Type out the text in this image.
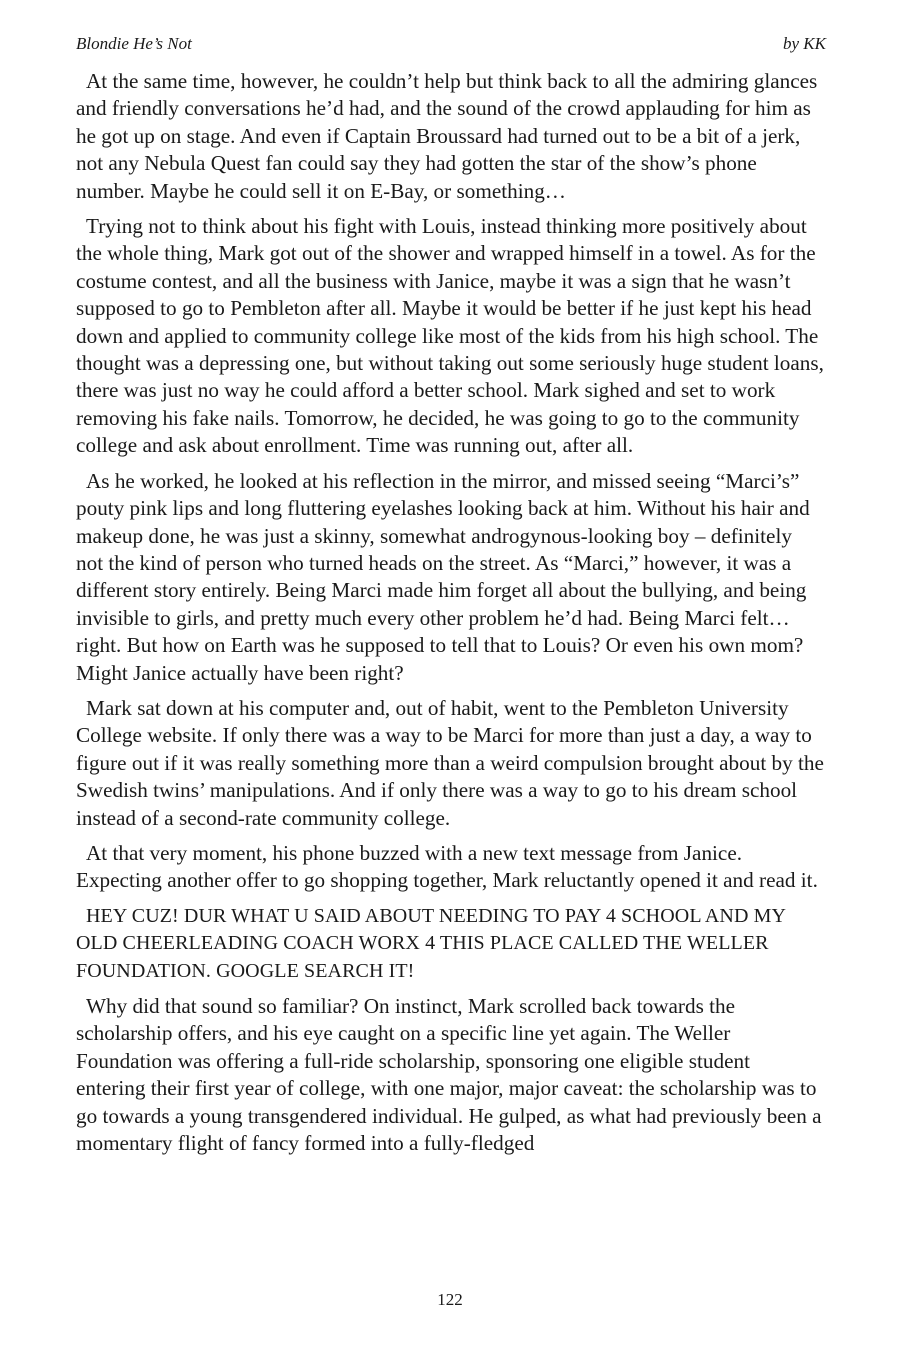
Blondie He’s Not	by KK

At the same time, however, he couldn’t help but think back to all the admiring glances and friendly conversations he’d had, and the sound of the crowd applauding for him as he got up on stage. And even if Captain Broussard had turned out to be a bit of a jerk, not any Nebula Quest fan could say they had gotten the star of the show’s phone number. Maybe he could sell it on E-Bay, or something…

Trying not to think about his fight with Louis, instead thinking more positively about the whole thing, Mark got out of the shower and wrapped himself in a towel. As for the costume contest, and all the business with Janice, maybe it was a sign that he wasn’t supposed to go to Pembleton after all. Maybe it would be better if he just kept his head down and applied to community college like most of the kids from his high school. The thought was a depressing one, but without taking out some seriously huge student loans, there was just no way he could afford a better school. Mark sighed and set to work removing his fake nails. Tomorrow, he decided, he was going to go to the community college and ask about enrollment. Time was running out, after all.

As he worked, he looked at his reflection in the mirror, and missed seeing “Marci’s” pouty pink lips and long fluttering eyelashes looking back at him. Without his hair and makeup done, he was just a skinny, somewhat androgynous-looking boy – definitely not the kind of person who turned heads on the street. As “Marci,” however, it was a different story entirely. Being Marci made him forget all about the bullying, and being invisible to girls, and pretty much every other problem he’d had. Being Marci felt… right. But how on Earth was he supposed to tell that to Louis? Or even his own mom? Might Janice actually have been right?

Mark sat down at his computer and, out of habit, went to the Pembleton University College website. If only there was a way to be Marci for more than just a day, a way to figure out if it was really something more than a weird compulsion brought about by the Swedish twins’ manipulations. And if only there was a way to go to his dream school instead of a second-rate community college.

At that very moment, his phone buzzed with a new text message from Janice. Expecting another offer to go shopping together, Mark reluctantly opened it and read it.

HEY CUZ! DUR WHAT U SAID ABOUT NEEDING TO PAY 4 SCHOOL AND MY OLD CHEERLEADING COACH WORX 4 THIS PLACE CALLED THE WELLER FOUNDATION. GOOGLE SEARCH IT!

Why did that sound so familiar? On instinct, Mark scrolled back towards the scholarship offers, and his eye caught on a specific line yet again. The Weller Foundation was offering a full-ride scholarship, sponsoring one eligible student entering their first year of college, with one major, major caveat: the scholarship was to go towards a young transgendered individual. He gulped, as what had previously been a momentary flight of fancy formed into a fully-fledged

122
